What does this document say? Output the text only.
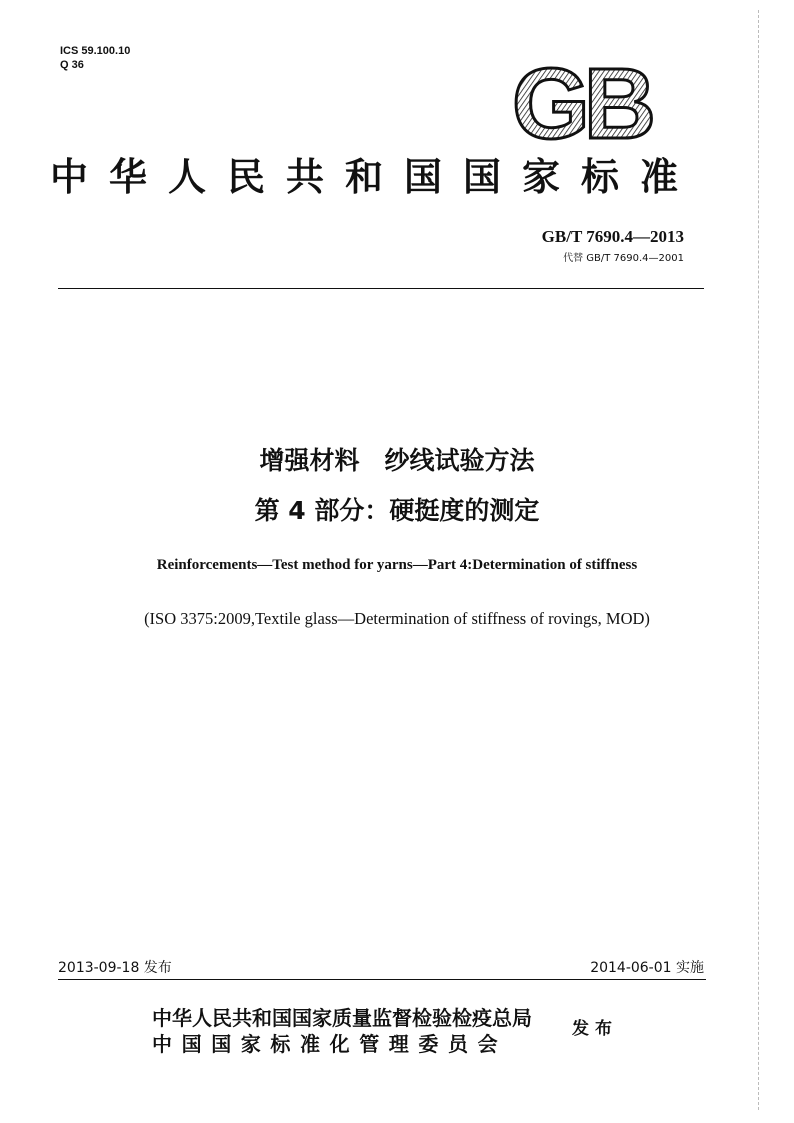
ICS 59.100.10
Q 36	GB
中华人民共和国国家标准
GB/T 7690.4—2013
代替 GB/T 7690.4—2001
增强材料　纱线试验方法
第 4 部分：硬挺度的测定
Reinforcements—Test method for yarns—Part 4:Determination of stiffness
(ISO 3375:2009,Textile glass—Determination of stiffness of rovings, MOD)
2013-09-18 发布	2014-06-01 实施
中华人民共和国国家质量监督检验检疫总局
中国国家标准化管理委员会
发布
